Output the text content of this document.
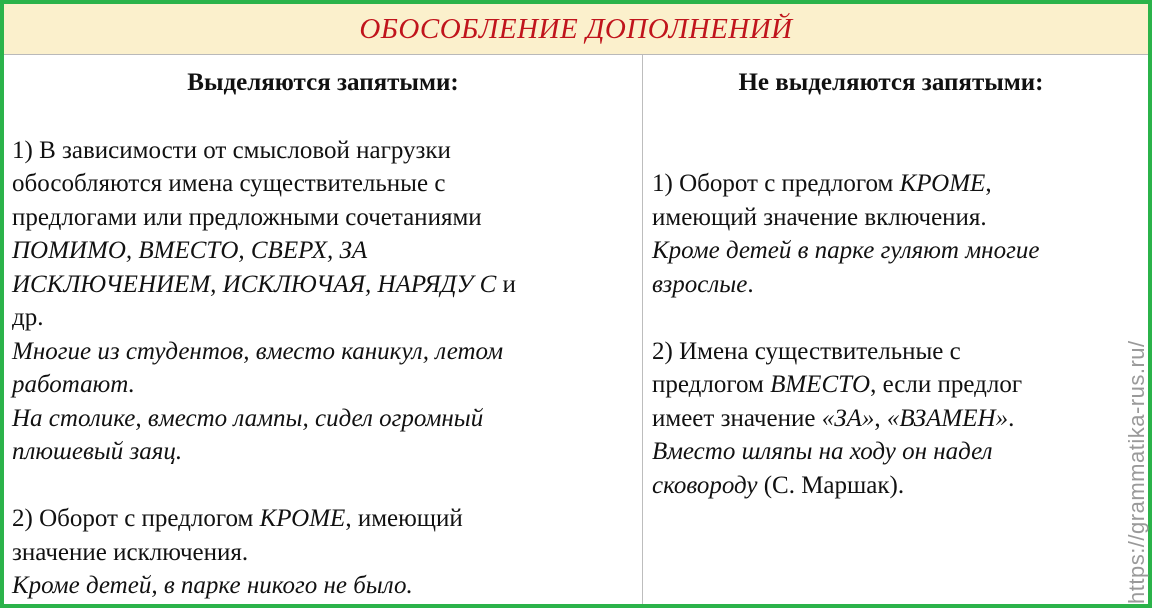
ОБОСОБЛЕНИЕ ДОПОЛНЕНИЙ
Выделяются запятыми:
1) В зависимости от смысловой нагрузки
обособляются имена существительные с
предлогами или предложными сочетаниями
ПОМИМО, ВМЕСТО, СВЕРХ, ЗА
ИСКЛЮЧЕНИЕМ, ИСКЛЮЧАЯ, НАРЯДУ С и
др.
Многие из студентов, вместо каникул, летом
работают.
На столике, вместо лампы, сидел огромный
плюшевый заяц.
2) Оборот с предлогом КРОМЕ, имеющий
значение исключения.
Кроме детей, в парке никого не было.
Не выделяются запятыми:
1) Оборот с предлогом КРОМЕ,
имеющий значение включения.
Кроме детей в парке гуляют многие
взрослые.
2) Имена существительные с
предлогом ВМЕСТО, если предлог
имеет значение «ЗА», «ВЗАМЕН».
Вместо шляпы на ходу он надел
сковороду (С. Маршак).	https://grammatika-rus.ru/
